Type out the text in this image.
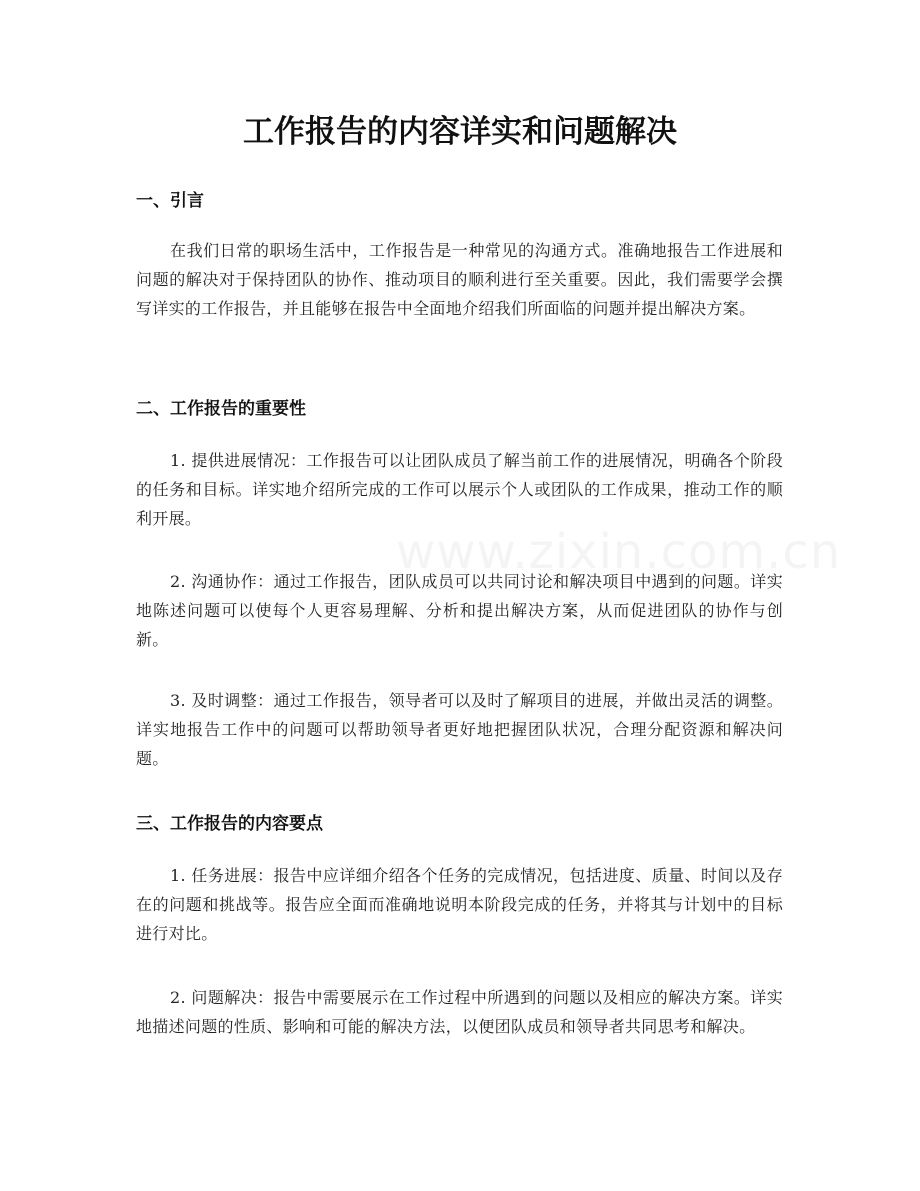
工作报告的内容详实和问题解决
一、引言

在我们日常的职场生活中，工作报告是一种常见的沟通方式。准确地报告工作进展和问题的解决对于保持团队的协作、推动项目的顺利进行至关重要。因此，我们需要学会撰写详实的工作报告，并且能够在报告中全面地介绍我们所面临的问题并提出解决方案。

二、工作报告的重要性

1. 提供进展情况：工作报告可以让团队成员了解当前工作的进展情况，明确各个阶段的任务和目标。详实地介绍所完成的工作可以展示个人或团队的工作成果，推动工作的顺利开展。

2. 沟通协作：通过工作报告，团队成员可以共同讨论和解决项目中遇到的问题。详实地陈述问题可以使每个人更容易理解、分析和提出解决方案，从而促进团队的协作与创新。

3. 及时调整：通过工作报告，领导者可以及时了解项目的进展，并做出灵活的调整。详实地报告工作中的问题可以帮助领导者更好地把握团队状况，合理分配资源和解决问题。

三、工作报告的内容要点

1. 任务进展：报告中应详细介绍各个任务的完成情况，包括进度、质量、时间以及存在的问题和挑战等。报告应全面而准确地说明本阶段完成的任务，并将其与计划中的目标进行对比。

2. 问题解决：报告中需要展示在工作过程中所遇到的问题以及相应的解决方案。详实地描述问题的性质、影响和可能的解决方法，以便团队成员和领导者共同思考和解决。
